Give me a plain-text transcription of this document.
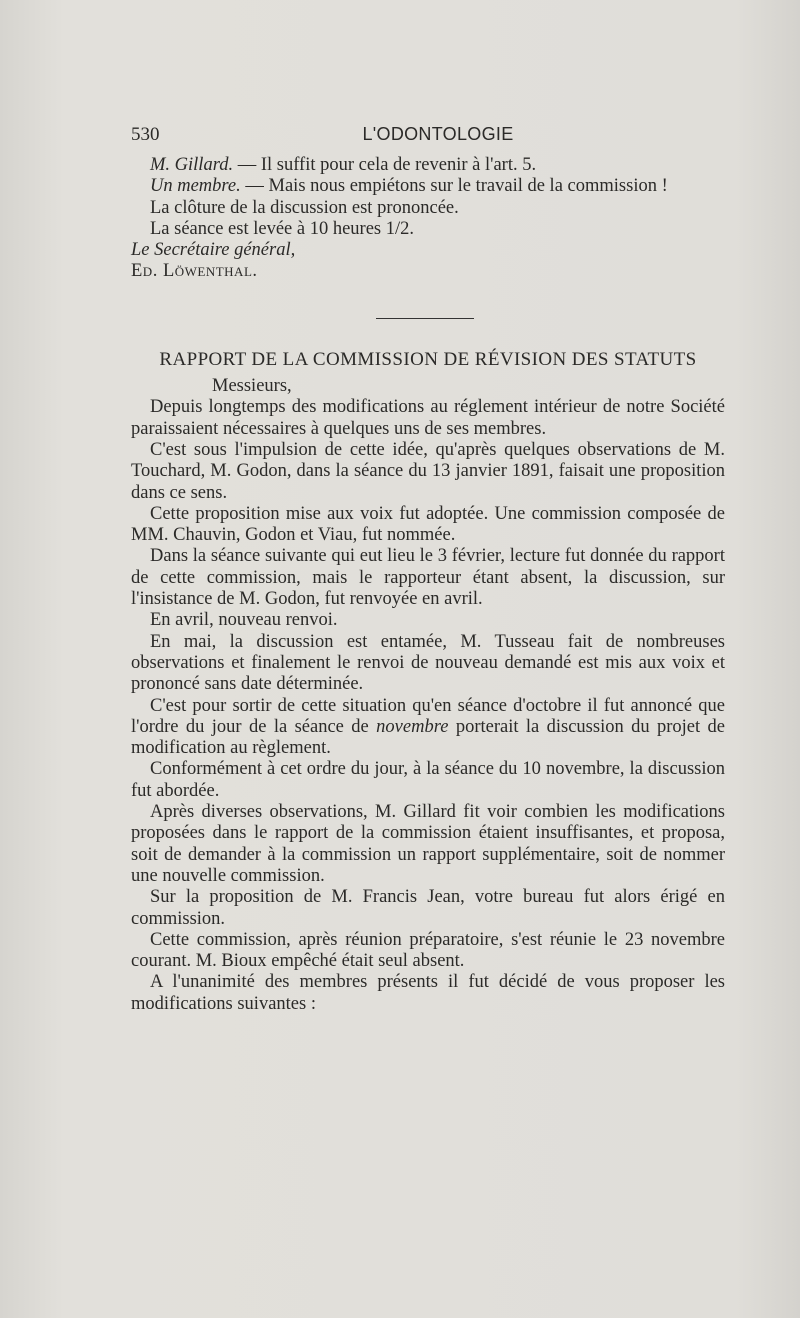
530	L'ODONTOLOGIE

M. Gillard. — Il suffit pour cela de revenir à l'art. 5.

Un membre. — Mais nous empiétons sur le travail de la commission !

La clôture de la discussion est prononcée.

La séance est levée à 10 heures 1/2.

Le Secrétaire général,

Ed. Löwenthal.

RAPPORT DE LA COMMISSION DE RÉVISION DES STATUTS

Messieurs,

Depuis longtemps des modifications au réglement intérieur de notre Société paraissaient nécessaires à quelques uns de ses membres.

C'est sous l'impulsion de cette idée, qu'après quelques observations de M. Touchard, M. Godon, dans la séance du 13 janvier 1891, faisait une proposition dans ce sens.

Cette proposition mise aux voix fut adoptée. Une commission composée de MM. Chauvin, Godon et Viau, fut nommée.

Dans la séance suivante qui eut lieu le 3 février, lecture fut donnée du rapport de cette commission, mais le rapporteur étant absent, la discussion, sur l'insistance de M. Godon, fut renvoyée en avril.

En avril, nouveau renvoi.

En mai, la discussion est entamée, M. Tusseau fait de nombreuses observations et finalement le renvoi de nouveau demandé est mis aux voix et prononcé sans date déterminée.

C'est pour sortir de cette situation qu'en séance d'octobre il fut annoncé que l'ordre du jour de la séance de novembre porterait la discussion du projet de modification au règlement.

Conformément à cet ordre du jour, à la séance du 10 novembre, la discussion fut abordée.

Après diverses observations, M. Gillard fit voir combien les modifications proposées dans le rapport de la commission étaient insuffisantes, et proposa, soit de demander à la commission un rapport supplémentaire, soit de nommer une nouvelle commission.

Sur la proposition de M. Francis Jean, votre bureau fut alors érigé en commission.

Cette commission, après réunion préparatoire, s'est réunie le 23 novembre courant. M. Bioux empêché était seul absent.

A l'unanimité des membres présents il fut décidé de vous proposer les modifications suivantes :
